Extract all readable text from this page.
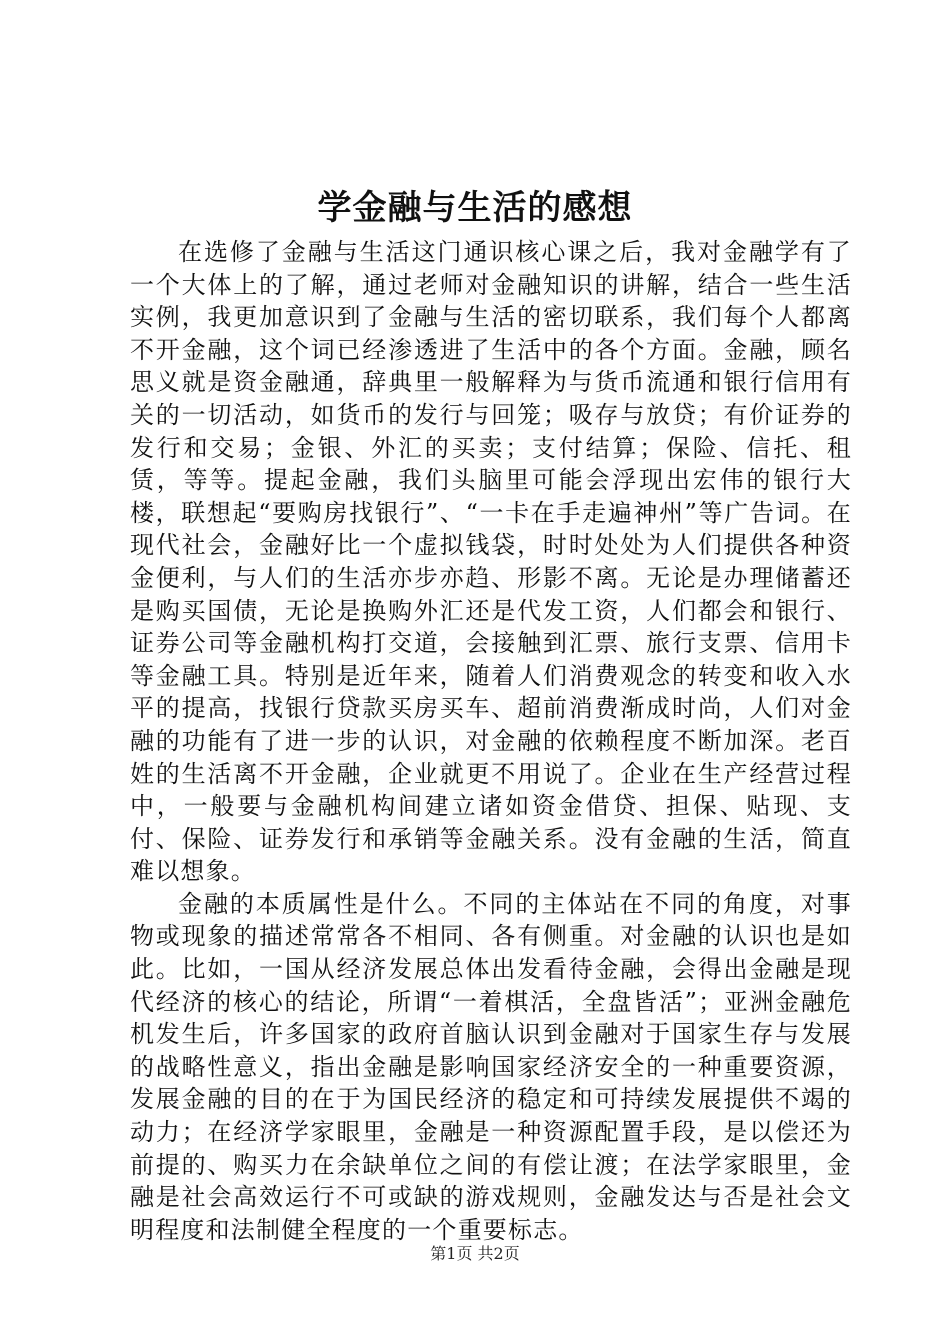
学金融与生活的感想

在选修了金融与生活这门通识核心课之后，我对金融学有了一个大体上的了解，通过老师对金融知识的讲解，结合一些生活实例，我更加意识到了金融与生活的密切联系，我们每个人都离不开金融，这个词已经渗透进了生活中的各个方面。金融，顾名思义就是资金融通，辞典里一般解释为与货币流通和银行信用有关的一切活动，如货币的发行与回笼；吸存与放贷；有价证券的发行和交易；金银、外汇的买卖；支付结算；保险、信托、租赁，等等。提起金融，我们头脑里可能会浮现出宏伟的银行大楼，联想起“要购房找银行”、“一卡在手走遍神州”等广告词。在现代社会，金融好比一个虚拟钱袋，时时处处为人们提供各种资金便利，与人们的生活亦步亦趋、形影不离。无论是办理储蓄还是购买国债，无论是换购外汇还是代发工资，人们都会和银行、证券公司等金融机构打交道，会接触到汇票、旅行支票、信用卡等金融工具。特别是近年来，随着人们消费观念的转变和收入水平的提高，找银行贷款买房买车、超前消费渐成时尚，人们对金融的功能有了进一步的认识，对金融的依赖程度不断加深。老百姓的生活离不开金融，企业就更不用说了。企业在生产经营过程中，一般要与金融机构间建立诸如资金借贷、担保、贴现、支付、保险、证券发行和承销等金融关系。没有金融的生活，简直难以想象。

金融的本质属性是什么。不同的主体站在不同的角度，对事物或现象的描述常常各不相同、各有侧重。对金融的认识也是如此。比如，一国从经济发展总体出发看待金融，会得出金融是现代经济的核心的结论，所谓“一着棋活，全盘皆活”；亚洲金融危机发生后，许多国家的政府首脑认识到金融对于国家生存与发展的战略性意义，指出金融是影响国家经济安全的一种重要资源，发展金融的目的在于为国民经济的稳定和可持续发展提供不竭的动力；在经济学家眼里，金融是一种资源配置手段，是以偿还为前提的、购买力在余缺单位之间的有偿让渡；在法学家眼里，金融是社会高效运行不可或缺的游戏规则，金融发达与否是社会文明程度和法制健全程度的一个重要标志。

第1页 共2页
